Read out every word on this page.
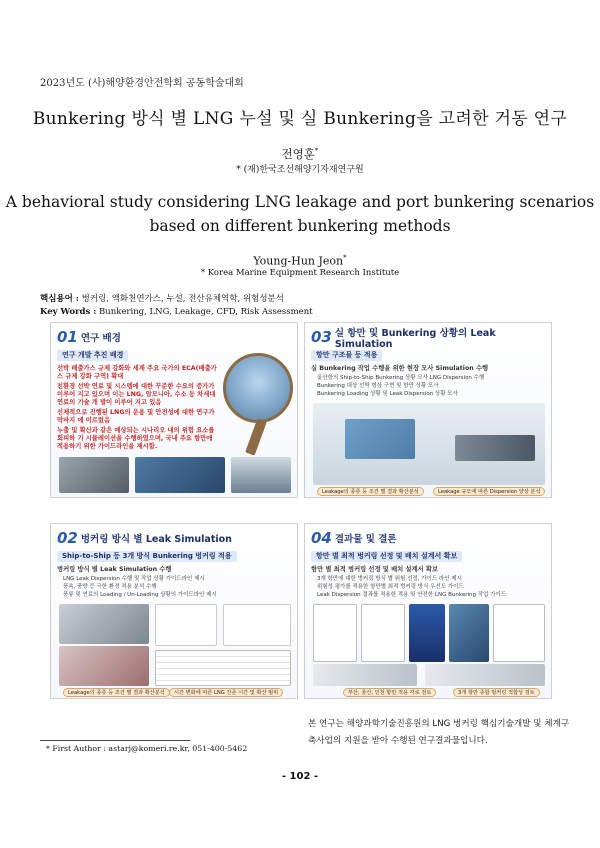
2023년도 (사)해양환경안전학회 공동학술대회
Bunkering 방식 별 LNG 누설 및 실 Bunkering을 고려한 거동 연구
전영훈*
* (재)한국조선해양기자재연구원
A behavioral study considering LNG leakage and port bunkering scenarios
based on different bunkering methods
Young-Hun Jeon*
* Korea Marine Equipment Research Institute
핵심용어 : 벙커링, 액화천연가스, 누설, 전산유체역학, 위험성분석
Key Words : Bunkering, LNG, Leakage, CFD, Risk Assessment
01 연구 배경
연구 개발 추진 배경
선박 배출가스 규제 강화와 세계 주요 국가의 ECA(배출가스 규제 강화 구역) 확대
친환경 선박 연료 및 시스템에 대한 꾸준한 수요의 증가가 이루어 지고 있으며 이는 LNG, 암모니아, 수소 등 차세대 연료의 기술 개 발이 이루어 지고 있음
선제적으로 진행된 LNG의 운용 및 안전성에 대한 연구가 막바지 에 이르렀음
누출 및 확산과 같은 예상되는 시나리오 내의 위험 요소를 회피하 기 시뮬레이션을 수행하였으며, 국내 주요 항만에 적용하기 위한 가이드라인을 제시함.
03 실 항만 및 Bunkering 상황의 Leak Simulation
항만 구조물 등 적용
실 Bunkering 작업 수행을 위한 현장 모사 Simulation 수행
울산항의 Ship-to-Ship Bunkering 상황 모사 LNG Dispersion 수행
Bunkering 대상 선박 형상 구현 및 항만 상황 모사
Bunkering Loading 상황 및 Leak Dispersion 상황 모사
Leakage의 종류 등 조건 별 결과 확산분석	Leakage 규모에 따른 Dispersion 양상 분석
02 벙커링 방식 별 Leak Simulation
Ship-to-Ship 등 3개 방식 Bunkering 벙커링 적용
벙커링 방식 별 Leak Simulation 수행
LNG Leak Dispersion 수행 및 작업 상황 가이드라인 제시
풍속, 풍향 등 극한 환경 적용 분석 수행
풍류 및 연료의 Loading / Un-Loading 상황의 가이드라인 제시
Leakage의 종류 등 조건 별 결과 확산분석	시간 변화에 따른 LNG 잔존 시간 및 확산 범위
04 결과물 및 결론
항만 별 최적 벙커링 선정 및 배치 설계서 확보
항만 별 최적 벙커링 선정 및 배치 설계서 확보
3개 항만에 대한 벙커링 방식 별 위험 선정, 가이드 라인 제시
위험성 평가를 적용한 항만별 최적 벙커링 방식 우선도 가이드
Leak Dispersion 결과를 적용한 적용 및 안전한 LNG Bunkering 작업 가이드
부산, 울산, 인천 항만 적용 각로 검토	3개 항만 종합 벙커링 적합성 검토
본 연구는 해양과학기술진흥원의 LNG 벙커링 핵심기술개발 및 체계구축사업의 지원을 받아 수행된 연구결과물입니다.
* First Author : astarj@komeri.re.kr, 051-400-5462
- 102 -
